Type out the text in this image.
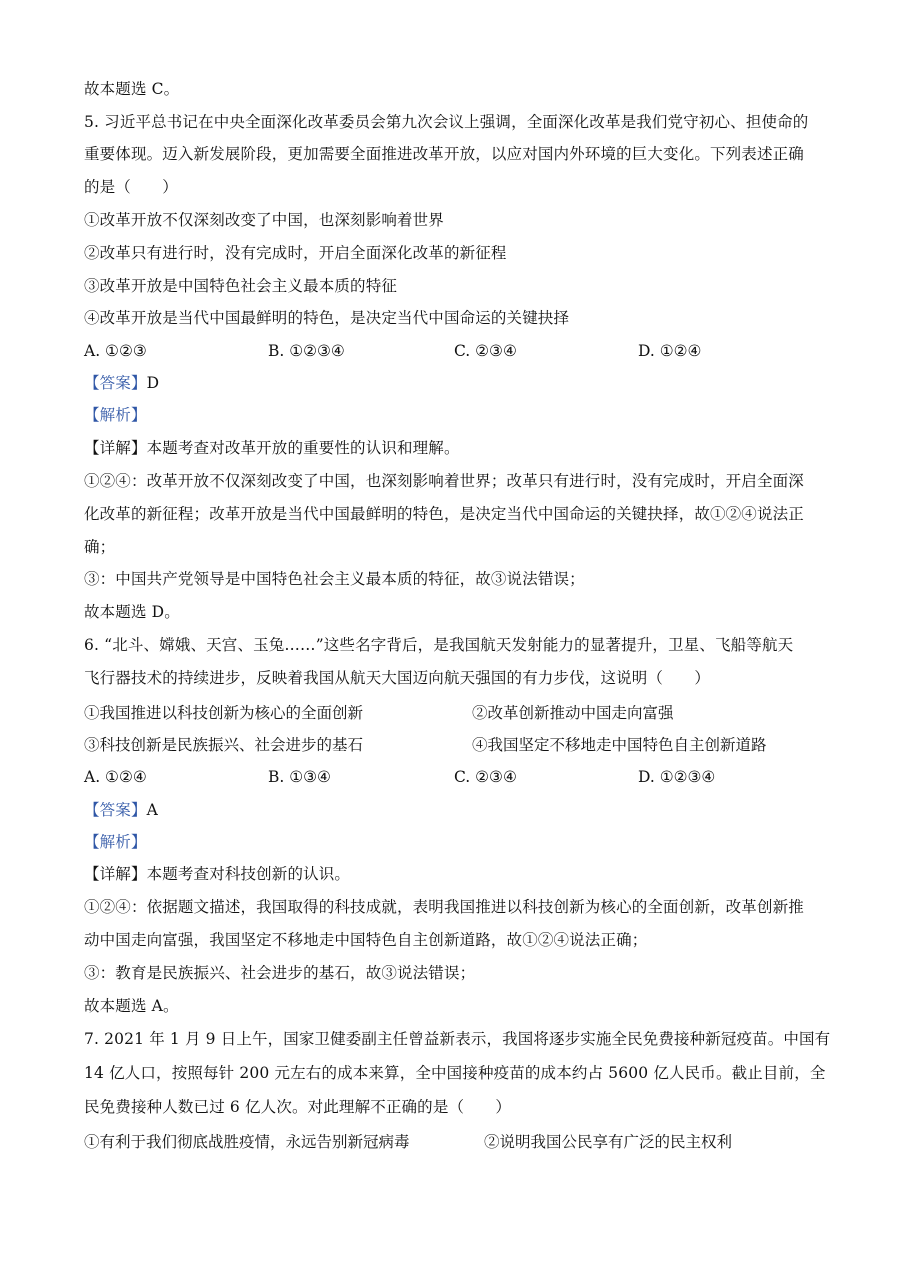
故本题选 C。
5. 习近平总书记在中央全面深化改革委员会第九次会议上强调，全面深化改革是我们党守初心、担使命的
重要体现。迈入新发展阶段，更加需要全面推进改革开放，以应对国内外环境的巨大变化。下列表述正确
的是（　　）
①改革开放不仅深刻改变了中国，也深刻影响着世界
②改革只有进行时，没有完成时，开启全面深化改革的新征程
③改革开放是中国特色社会主义最本质的特征
④改革开放是当代中国最鲜明的特色，是决定当代中国命运的关键抉择
A. ①②③	B. ①②③④	C. ②③④	D. ①②④
【答案】D
【解析】
【详解】本题考查对改革开放的重要性的认识和理解。
①②④：改革开放不仅深刻改变了中国，也深刻影响着世界；改革只有进行时，没有完成时，开启全面深
化改革的新征程；改革开放是当代中国最鲜明的特色，是决定当代中国命运的关键抉择，故①②④说法正
确；
③：中国共产党领导是中国特色社会主义最本质的特征，故③说法错误；
故本题选 D。
6. “北斗、嫦娥、天宫、玉兔……”这些名字背后，是我国航天发射能力的显著提升，卫星、飞船等航天
飞行器技术的持续进步，反映着我国从航天大国迈向航天强国的有力步伐，这说明（　　）
①我国推进以科技创新为核心的全面创新	②改革创新推动中国走向富强
③科技创新是民族振兴、社会进步的基石	④我国坚定不移地走中国特色自主创新道路
A. ①②④	B. ①③④	C. ②③④	D. ①②③④
【答案】A
【解析】
【详解】本题考查对科技创新的认识。
①②④：依据题文描述，我国取得的科技成就，表明我国推进以科技创新为核心的全面创新，改革创新推
动中国走向富强，我国坚定不移地走中国特色自主创新道路，故①②④说法正确；
③：教育是民族振兴、社会进步的基石，故③说法错误；
故本题选 A。
7. 2021 年 1 月 9 日上午，国家卫健委副主任曾益新表示，我国将逐步实施全民免费接种新冠疫苗。中国有
14 亿人口，按照每针 200 元左右的成本来算，全中国接种疫苗的成本约占 5600 亿人民币。截止目前，全
民免费接种人数已过 6 亿人次。对此理解不正确的是（　　）
①有利于我们彻底战胜疫情，永远告别新冠病毒	②说明我国公民享有广泛的民主权利
